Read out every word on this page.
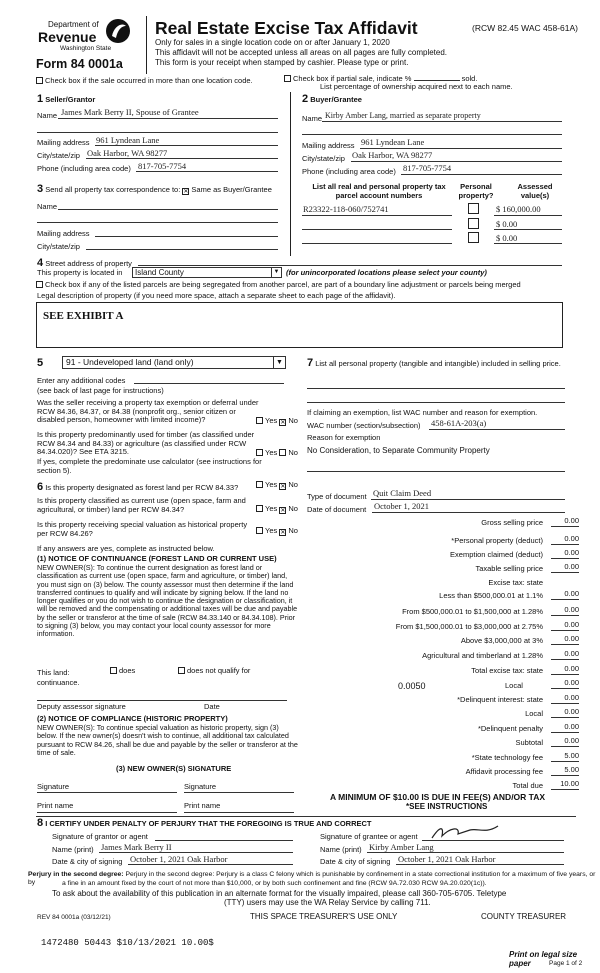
Department of
Revenue
Washington State
Form 84 0001a
Real Estate Excise Tax Affidavit	(RCW 82.45 WAC 458-61A)
Only for sales in a single location code on or after January 1, 2020
This affidavit will not be accepted unless all areas on all pages are fully completed.
This form is your receipt when stamped by cashier. Please type or print.
Check box if the sale occurred in more than one location code.	Check box if partial sale, indicate %	sold.
List percentage of ownership acquired next to each name.
1 Seller/Grantor
Name James Mark Berry II, Spouse of Grantee
Mailing address 961 Lyndean Lane
City/state/zip Oak Harbor, WA 98277
Phone (including area code) 817-705-7754
2 Buyer/Grantee
Name Kirby Amber Lang, married as separate property
Mailing address 961 Lyndean Lane
City/state/zip Oak Harbor, WA 98277
Phone (including area code) 817-705-7754
3 Send all property tax correspondence to: ✕ Same as Buyer/Grantee
Name
Mailing address
City/state/zip
List all real and personal property tax parcel account numbers
Personal property?
Assessed value(s)
R23322-118-060/752741	$ 160,000.00
$ 0.00
$ 0.00
4 Street address of property
This property is located in Island County	▼ (for unincorporated locations please select your county)
Check box if any of the listed parcels are being segregated from another parcel, are part of a boundary line adjustment or parcels being merged
Legal description of property (if you need more space, attach a separate sheet to each page of the affidavit).
SEE EXHIBIT A
5	91 - Undeveloped land (land only)	▼
Enter any additional codes
(see back of last page for instructions)
Was the seller receiving a property tax exemption or deferral under RCW 84.36, 84.37, or 84.38 (nonprofit org., senior citizen or disabled person, homeowner with limited income)?	Yes ✕ No
Is this property predominantly used for timber (as classified under RCW 84.34 and 84.33) or agriculture (as classified under RCW 84.34.020)? See ETA 3215.	Yes No
If yes, complete the predominate use calculator (see instructions for section 5).
6 Is this property designated as forest land per RCW 84.33?	Yes ✕ No
Is this property classified as current use (open space, farm and agricultural, or timber) land per RCW 84.34?	Yes ✕ No
Is this property receiving special valuation as historical property per RCW 84.26?	Yes ✕ No
If any answers are yes, complete as instructed below.
(1) NOTICE OF CONTINUANCE (FOREST LAND OR CURRENT USE)
NEW OWNER(S): To continue the current designation as forest land or classification as current use (open space, farm and agriculture, or timber) land, you must sign on (3) below. The county assessor must then determine if the land transferred continues to qualify and will indicate by signing below. If the land no longer qualifies or you do not wish to continue the designation or classification, it will be removed and the compensating or additional taxes will be due and payable by the seller or transferor at the time of sale (RCW 84.33.140 or 84.34.108). Prior to signing (3) below, you may contact your local county assessor for more information.
This land:
continuance.
does	does not qualify for
Deputy assessor signature	Date
(2) NOTICE OF COMPLIANCE (HISTORIC PROPERTY)
NEW OWNER(S): To continue special valuation as historic property, sign (3) below. If the new owner(s) doesn't wish to continue, all additional tax calculated pursuant to RCW 84.26, shall be due and payable by the seller or transferor at the time of sale.
(3) NEW OWNER(S) SIGNATURE
Signature	Signature
Print name	Print name
7 List all personal property (tangible and intangible) included in selling price.
If claiming an exemption, list WAC number and reason for exemption.
WAC number (section/subsection) 458-61A-203(a)
Reason for exemption
No Consideration, to Separate Community Property
Type of document Quit Claim Deed
Date of document October 1, 2021
Gross selling price	0.00
*Personal property (deduct)	0.00
Exemption claimed (deduct)	0.00
Taxable selling price	0.00
Excise tax: state
Less than $500,000.01 at 1.1%	0.00
From $500,000.01 to $1,500,000 at 1.28%	0.00
From $1,500,000.01 to $3,000,000 at 2.75%	0.00
Above $3,000,000 at 3%	0.00
Agricultural and timberland at 1.28%	0.00
Total excise tax: state	0.00
0.0050	Local	0.00
*Delinquent interest: state	0.00
Local	0.00
*Delinquent penalty	0.00
Subtotal	0.00
*State technology fee	5.00
Affidavit processing fee	5.00
Total due	10.00
A MINIMUM OF $10.00 IS DUE IN FEE(S) AND/OR TAX
*SEE INSTRUCTIONS
8 I CERTIFY UNDER PENALTY OF PERJURY THAT THE FOREGOING IS TRUE AND CORRECT
Signature of grantor or agent	Signature of grantee or agent
Name (print) James Mark Berry II	Name (print) Kirby Amber Lang
Date & city of signing October 1, 2021 Oak Harbor	Date & city of signing October 1, 2021 Oak Harbor
Perjury in the second degree: Perjury in the second degree: Perjury is a class C felony which is punishable by confinement in a state correctional institution for a maximum of five years, or by	a fine in an amount fixed by the court of not more than $10,000, or by both such confinement and fine (RCW 9A.72.030 RCW 9A.20.020(1c)).
To ask about the availability of this publication in an alternate format for the visually impaired, please call 360-705-6705. Teletype
(TTY) users may use the WA Relay Service by calling 711.
REV 84 0001a (03/12/21)	THIS SPACE TREASURER'S USE ONLY	COUNTY TREASURER
1472480 50443 $10/13/2021 10.00$
Print on legal size paper	Page 1 of 2
